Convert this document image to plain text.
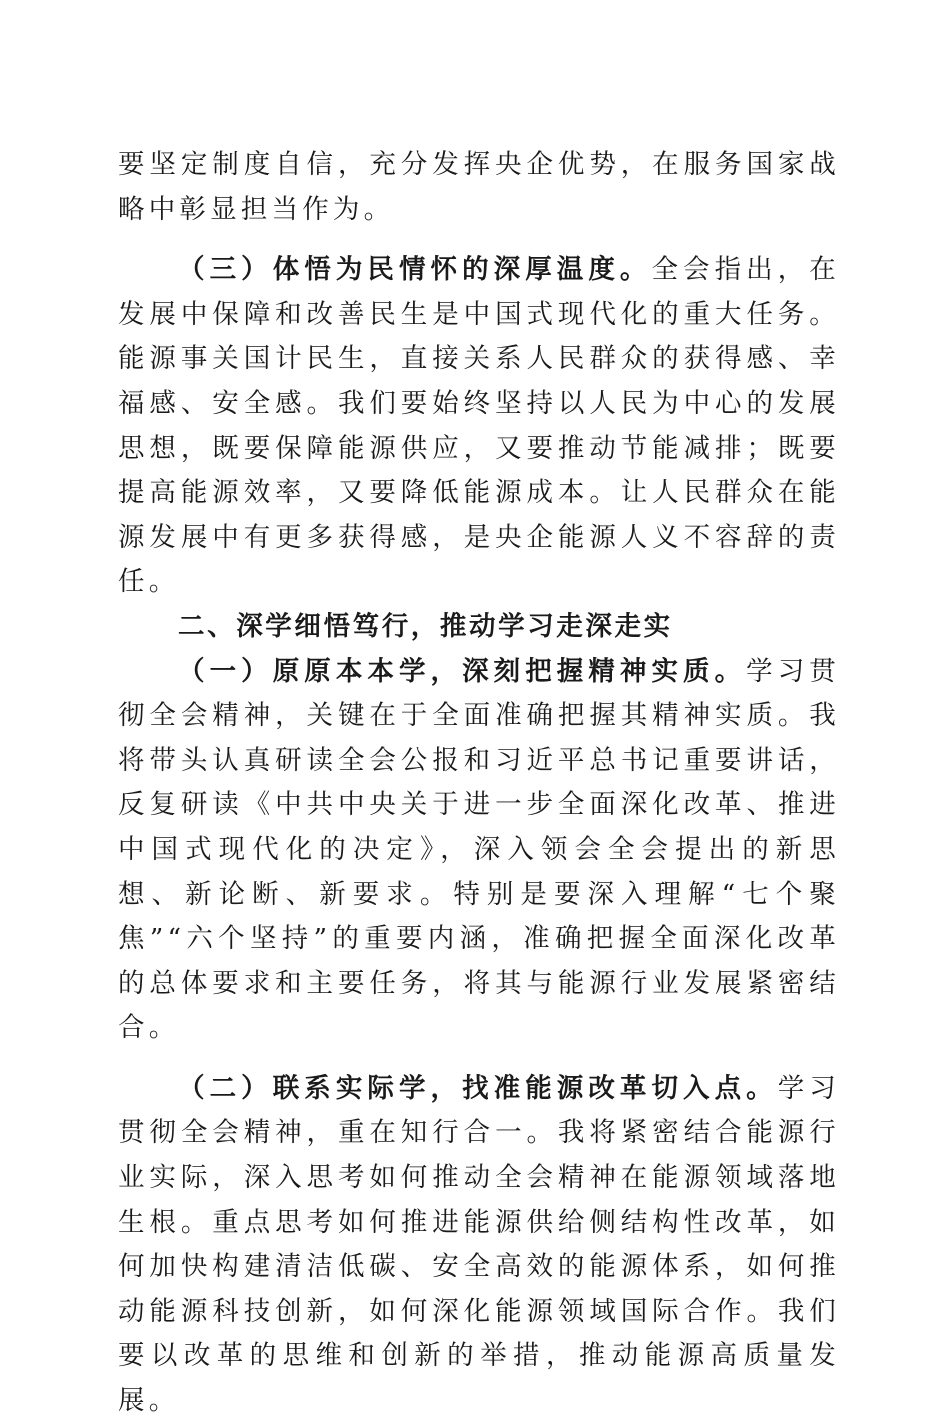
要坚定制度自信，充分发挥央企优势，在服务国家战略中彰显担当作为。

（三）体悟为民情怀的深厚温度。全会指出，在发展中保障和改善民生是中国式现代化的重大任务。能源事关国计民生，直接关系人民群众的获得感、幸福感、安全感。我们要始终坚持以人民为中心的发展思想，既要保障能源供应，又要推动节能减排；既要提高能源效率，又要降低能源成本。让人民群众在能源发展中有更多获得感，是央企能源人义不容辞的责任。

二、深学细悟笃行，推动学习走深走实

（一）原原本本学，深刻把握精神实质。学习贯彻全会精神，关键在于全面准确把握其精神实质。我将带头认真研读全会公报和习近平总书记重要讲话，反复研读《中共中央关于进一步全面深化改革、推进中国式现代化的决定》，深入领会全会提出的新思想、新论断、新要求。特别是要深入理解“七个聚焦”“六个坚持”的重要内涵，准确把握全面深化改革的总体要求和主要任务，将其与能源行业发展紧密结合。

（二）联系实际学，找准能源改革切入点。学习贯彻全会精神，重在知行合一。我将紧密结合能源行业实际，深入思考如何推动全会精神在能源领域落地生根。重点思考如何推进能源供给侧结构性改革，如何加快构建清洁低碳、安全高效的能源体系，如何推动能源科技创新，如何深化能源领域国际合作。我们要以改革的思维和创新的举措，推动能源高质量发展。
